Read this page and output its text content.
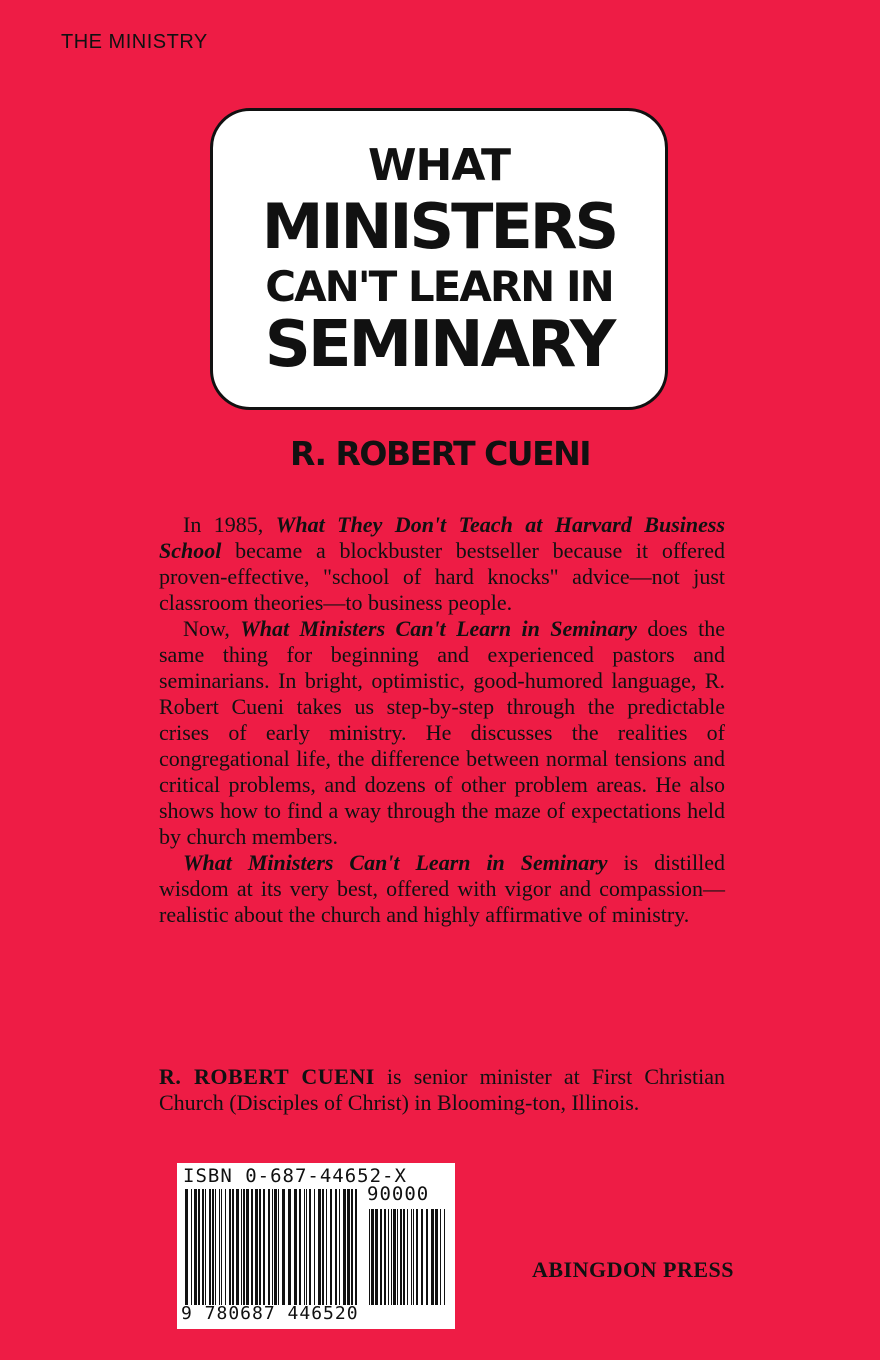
THE MINISTRY
WHAT
MINISTERS
CAN'T LEARN IN
SEMINARY
R. ROBERT CUENI

In 1985, What They Don't Teach at Harvard Business School became a blockbuster bestseller because it offered proven-effective, "school of hard knocks" advice—not just classroom theories—to business people.

Now, What Ministers Can't Learn in Seminary does the same thing for beginning and experienced pastors and seminarians. In bright, optimistic, good-humored language, R. Robert Cueni takes us step-by-step through the predictable crises of early ministry. He discusses the realities of congregational life, the difference between normal tensions and critical problems, and dozens of other problem areas. He also shows how to find a way through the maze of expectations held by church members.

What Ministers Can't Learn in Seminary is distilled wisdom at its very best, offered with vigor and compassion—realistic about the church and highly affirmative of ministry.

R. ROBERT CUENI is senior minister at First Christian Church (Disciples of Christ) in Blooming-ton, Illinois.
ISBN 0-687-44652-X
90000
9 780687 446520
ABINGDON PRESS
